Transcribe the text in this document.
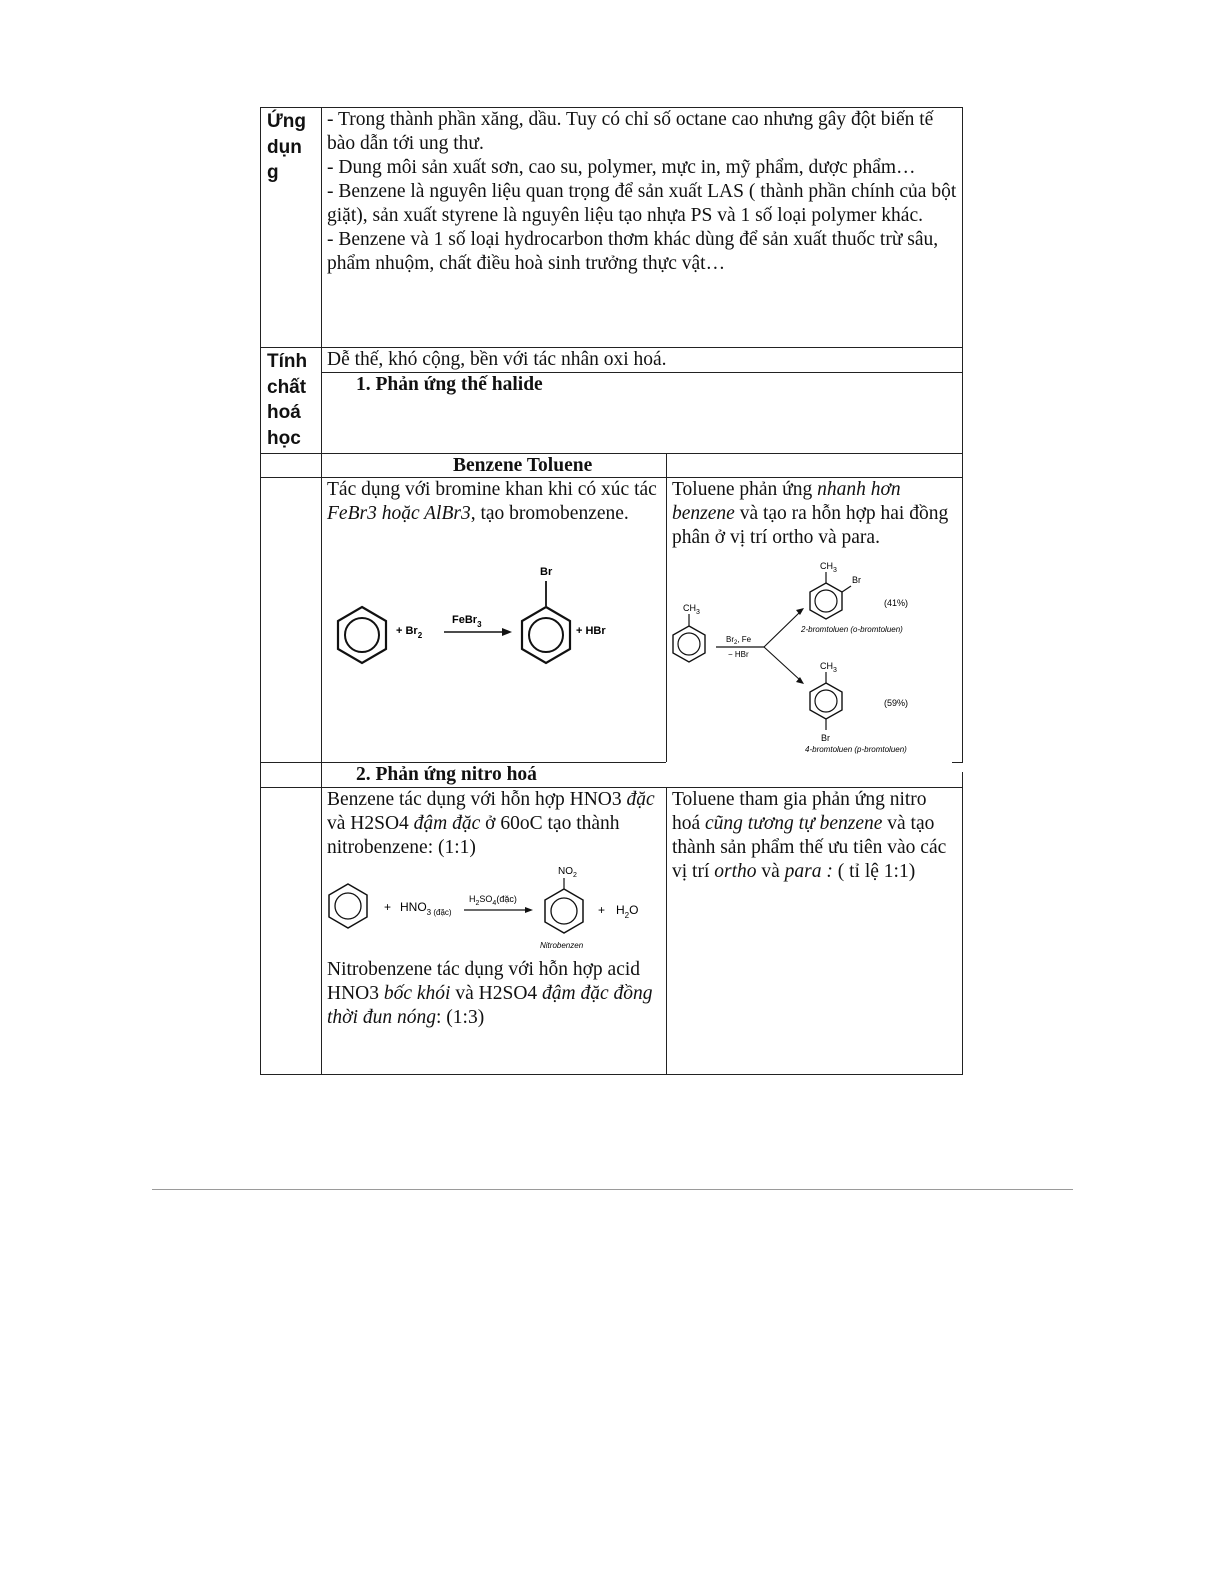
Ứng
dụn
g

- Trong thành phần xăng, dầu. Tuy có chỉ số octane cao nhưng gây đột biến tế bào dẫn tới ung thư.

- Dung môi sản xuất sơn, cao su, polymer, mực in, mỹ phẩm, dược phẩm…

- Benzene là nguyên liệu quan trọng để sản xuất LAS ( thành phần chính của bột giặt), sản xuất styrene là nguyên liệu tạo nhựa PS và 1 số loại polymer khác.

- Benzene và 1 số loại hydrocarbon thơm khác dùng để sản xuất thuốc trừ sâu, phẩm nhuộm, chất điều hoà sinh trưởng thực vật…

Tính
chất
hoá
học
Dễ thế, khó cộng, bền với tác nhân oxi hoá.
1. Phản ứng thế halide
Benzene Toluene
Tác dụng với bromine khan khi có xúc tác FeBr3 hoặc AlBr3, tạo bromobenzene.
Toluene phản ứng nhanh hơn benzene và tạo ra hỗn hợp hai đồng phân ở vị trí ortho và para.
+ $Br_2$
FeBr$_3$
Br
+ HBr
$CH_3$
$Br_2$, Fe
− HBr
$CH_3$
Br
(41%)
2-bromtoluen (o-bromtoluen)
$CH_3$
(59%)
Br
4-bromtoluen (p-bromtoluen)
2. Phản ứng nitro hoá
Benzene tác dụng với hỗn hợp HNO3 đặc và H2SO4 đậm đặc ở 60oC tạo thành nitrobenzene: (1:1)
+ $HNO_{3 (đặc)}$
$H_2SO_4(đặc)$
$NO_2$
Nitrobenzen
+ $H_2O$
Nitrobenzene tác dụng với hỗn hợp acid HNO3 bốc khói và H2SO4 đậm đặc đồng thời đun nóng: (1:3)
Toluene tham gia phản ứng nitro hoá cũng tương tự benzene và tạo thành sản phẩm thế ưu tiên vào các vị trí ortho và para : ( tỉ lệ 1:1)
